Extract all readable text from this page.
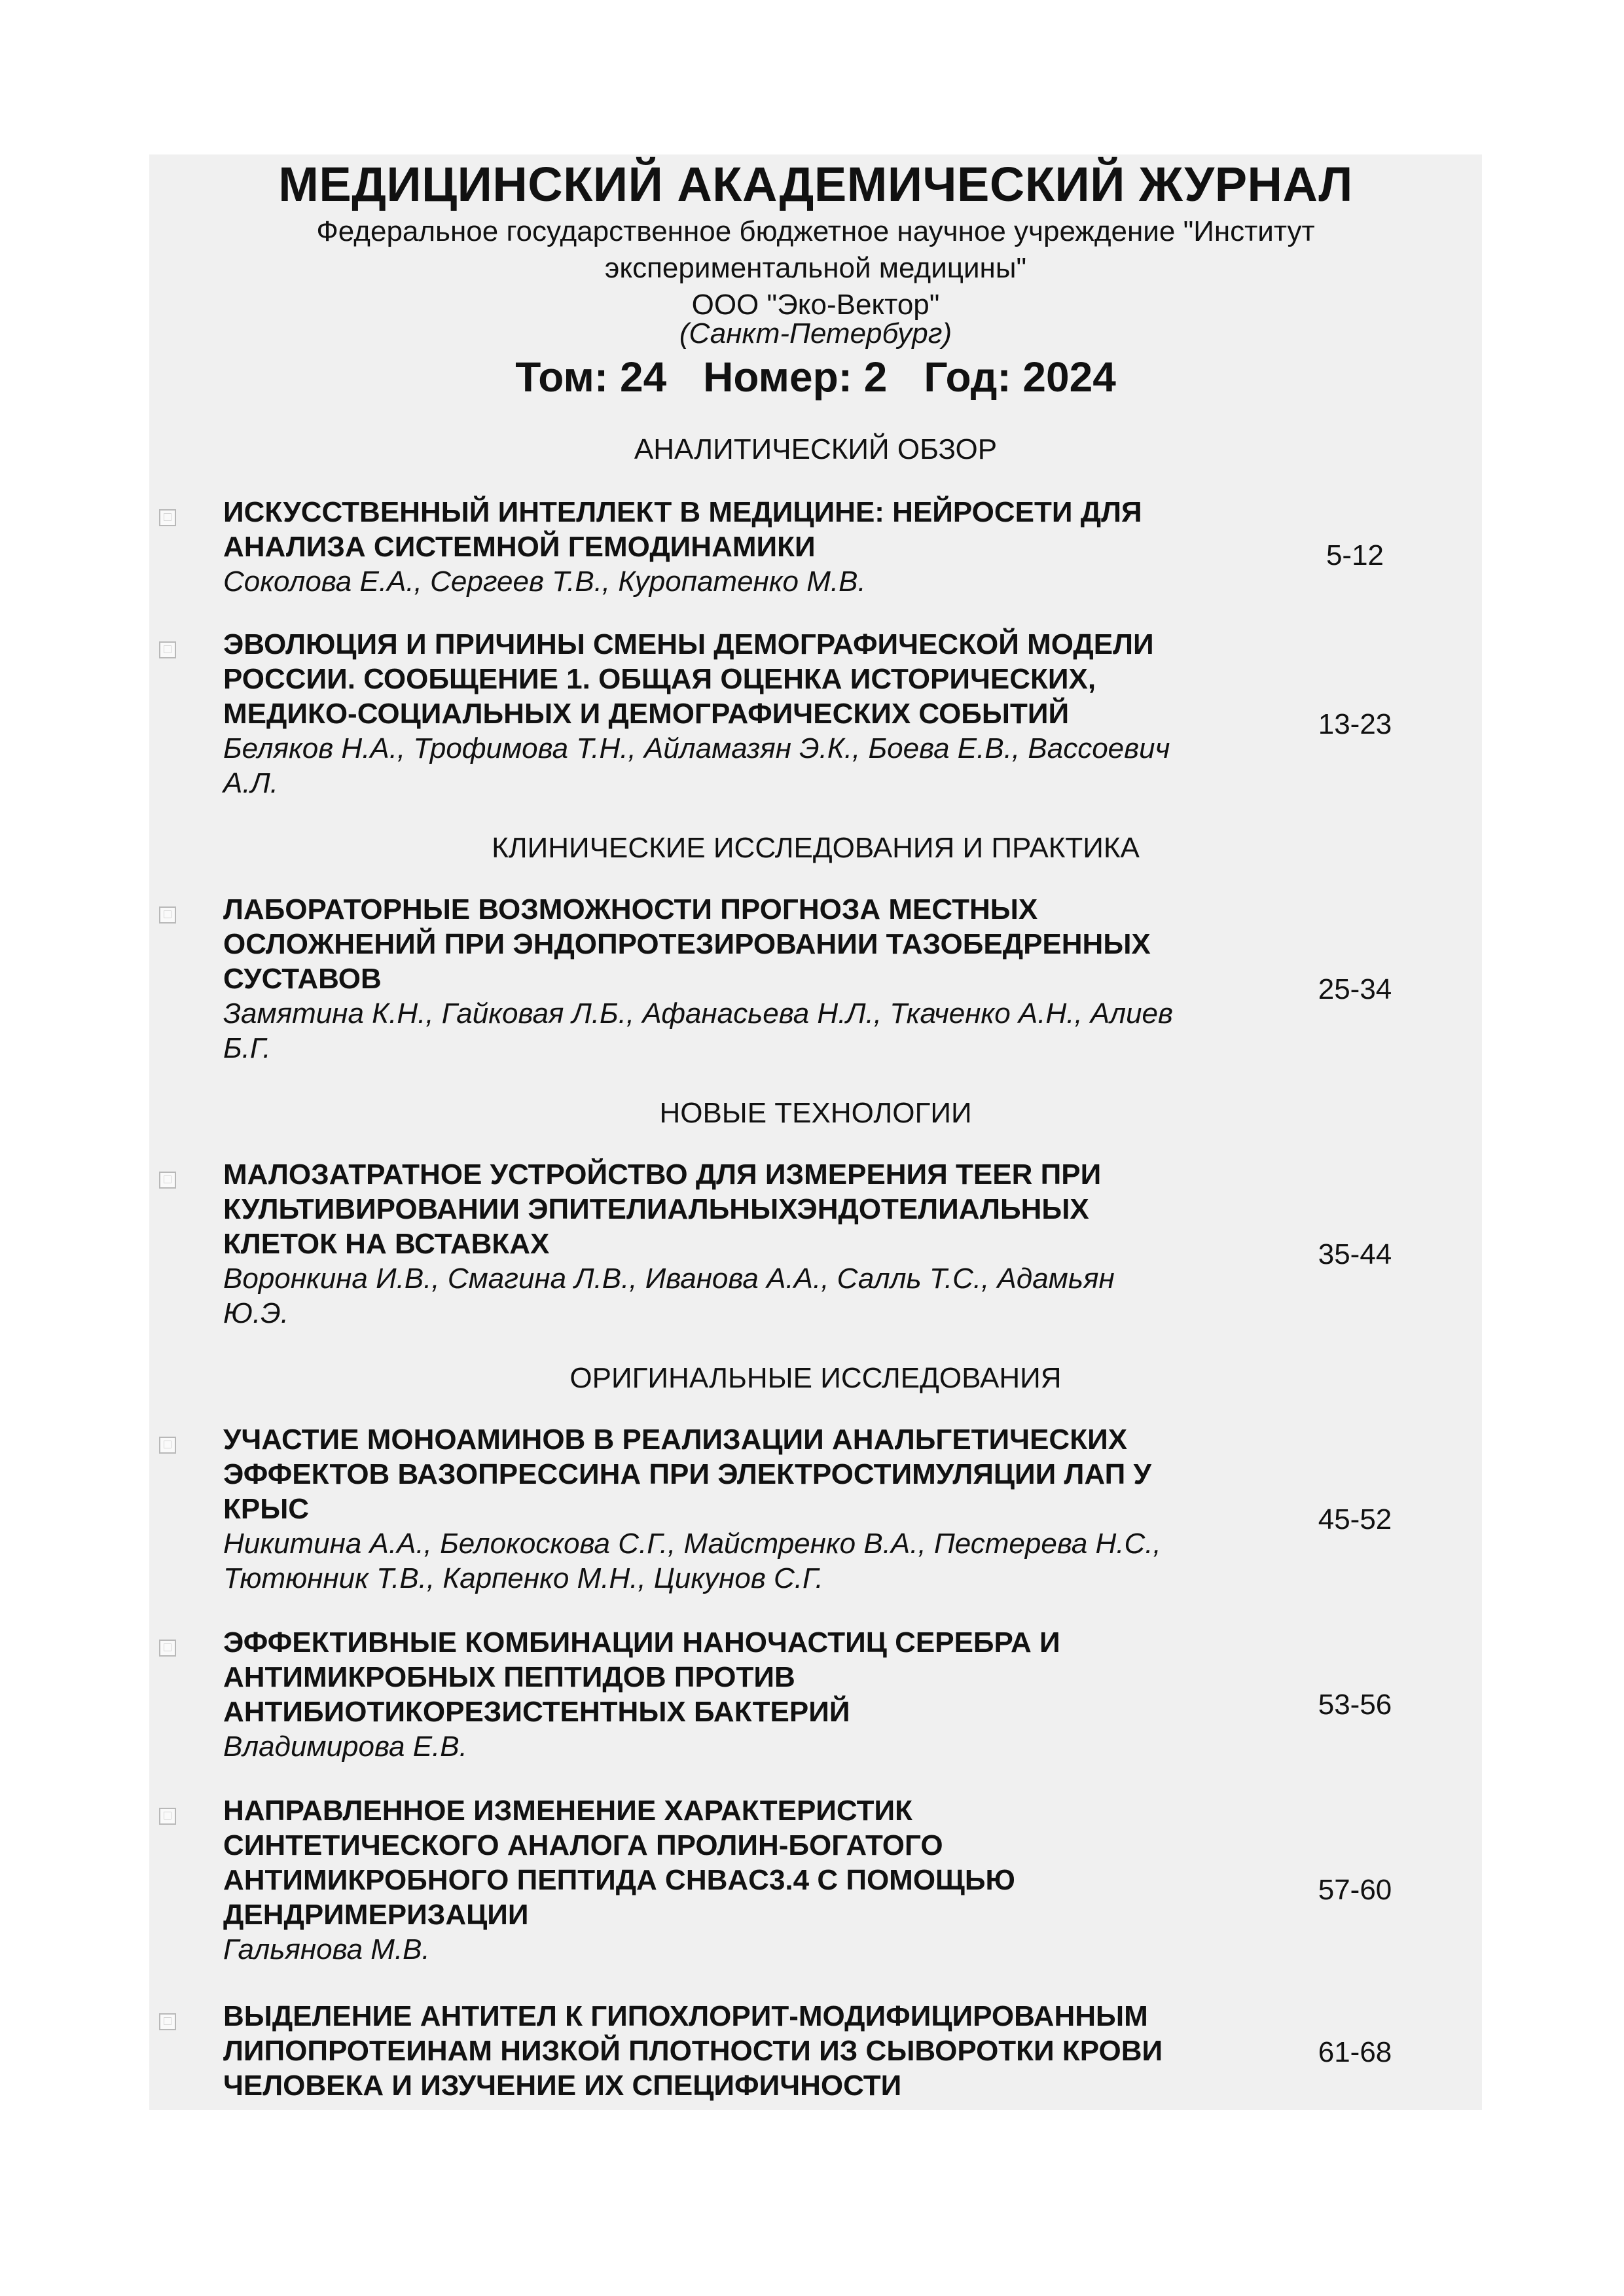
МЕДИЦИНСКИЙ АКАДЕМИЧЕСКИЙ ЖУРНАЛ
Федеральное государственное бюджетное научное учреждение "Институт
экспериментальной медицины"
ООО "Эко-Вектор"
(Санкт-Петербург)
Том: 24 Номер: 2 Год: 2024
АНАЛИТИЧЕСКИЙ ОБЗОР
КЛИНИЧЕСКИЕ ИССЛЕДОВАНИЯ И ПРАКТИКА
НОВЫЕ ТЕХНОЛОГИИ
ОРИГИНАЛЬНЫЕ ИССЛЕДОВАНИЯ
ИСКУССТВЕННЫЙ ИНТЕЛЛЕКТ В МЕДИЦИНЕ: НЕЙРОСЕТИ ДЛЯ
АНАЛИЗА СИСТЕМНОЙ ГЕМОДИНАМИКИ
Соколова Е.А., Сергеев Т.В., Куропатенко М.В.
5-12
ЭВОЛЮЦИЯ И ПРИЧИНЫ СМЕНЫ ДЕМОГРАФИЧЕСКОЙ МОДЕЛИ
РОССИИ. СООБЩЕНИЕ 1. ОБЩАЯ ОЦЕНКА ИСТОРИЧЕСКИХ,
МЕДИКО-СОЦИАЛЬНЫХ И ДЕМОГРАФИЧЕСКИХ СОБЫТИЙ
Беляков Н.А., Трофимова Т.Н., Айламазян Э.К., Боева Е.В., Вассоевич
А.Л.
13-23
ЛАБОРАТОРНЫЕ ВОЗМОЖНОСТИ ПРОГНОЗА МЕСТНЫХ
ОСЛОЖНЕНИЙ ПРИ ЭНДОПРОТЕЗИРОВАНИИ ТАЗОБЕДРЕННЫХ
СУСТАВОВ
Замятина К.Н., Гайковая Л.Б., Афанасьева Н.Л., Ткаченко А.Н., Алиев
Б.Г.
25-34
МАЛОЗАТРАТНОЕ УСТРОЙСТВО ДЛЯ ИЗМЕРЕНИЯ TEER ПРИ
КУЛЬТИВИРОВАНИИ ЭПИТЕЛИАЛЬНЫХЭНДОТЕЛИАЛЬНЫХ
КЛЕТОК НА ВСТАВКАХ
Воронкина И.В., Смагина Л.В., Иванова А.А., Салль Т.С., Адамьян
Ю.Э.
35-44
УЧАСТИЕ МОНОАМИНОВ В РЕАЛИЗАЦИИ АНАЛЬГЕТИЧЕСКИХ
ЭФФЕКТОВ ВАЗОПРЕССИНА ПРИ ЭЛЕКТРОСТИМУЛЯЦИИ ЛАП У
КРЫС
Никитина А.А., Белокоскова С.Г., Майстренко В.А., Пестерева Н.С.,
Тютюнник Т.В., Карпенко М.Н., Цикунов С.Г.
45-52
ЭФФЕКТИВНЫЕ КОМБИНАЦИИ НАНОЧАСТИЦ СЕРЕБРА И
АНТИМИКРОБНЫХ ПЕПТИДОВ ПРОТИВ
АНТИБИОТИКОРЕЗИСТЕНТНЫХ БАКТЕРИЙ
Владимирова Е.В.
53-56
НАПРАВЛЕННОЕ ИЗМЕНЕНИЕ ХАРАКТЕРИСТИК
СИНТЕТИЧЕСКОГО АНАЛОГА ПРОЛИН-БОГАТОГО
АНТИМИКРОБНОГО ПЕПТИДА CHBAC3.4 С ПОМОЩЬЮ
ДЕНДРИМЕРИЗАЦИИ
Гальянова М.В.
57-60
ВЫДЕЛЕНИЕ АНТИТЕЛ К ГИПОХЛОРИТ-МОДИФИЦИРОВАННЫМ
ЛИПОПРОТЕИНАМ НИЗКОЙ ПЛОТНОСТИ ИЗ СЫВОРОТКИ КРОВИ
ЧЕЛОВЕКА И ИЗУЧЕНИЕ ИХ СПЕЦИФИЧНОСТИ
61-68
